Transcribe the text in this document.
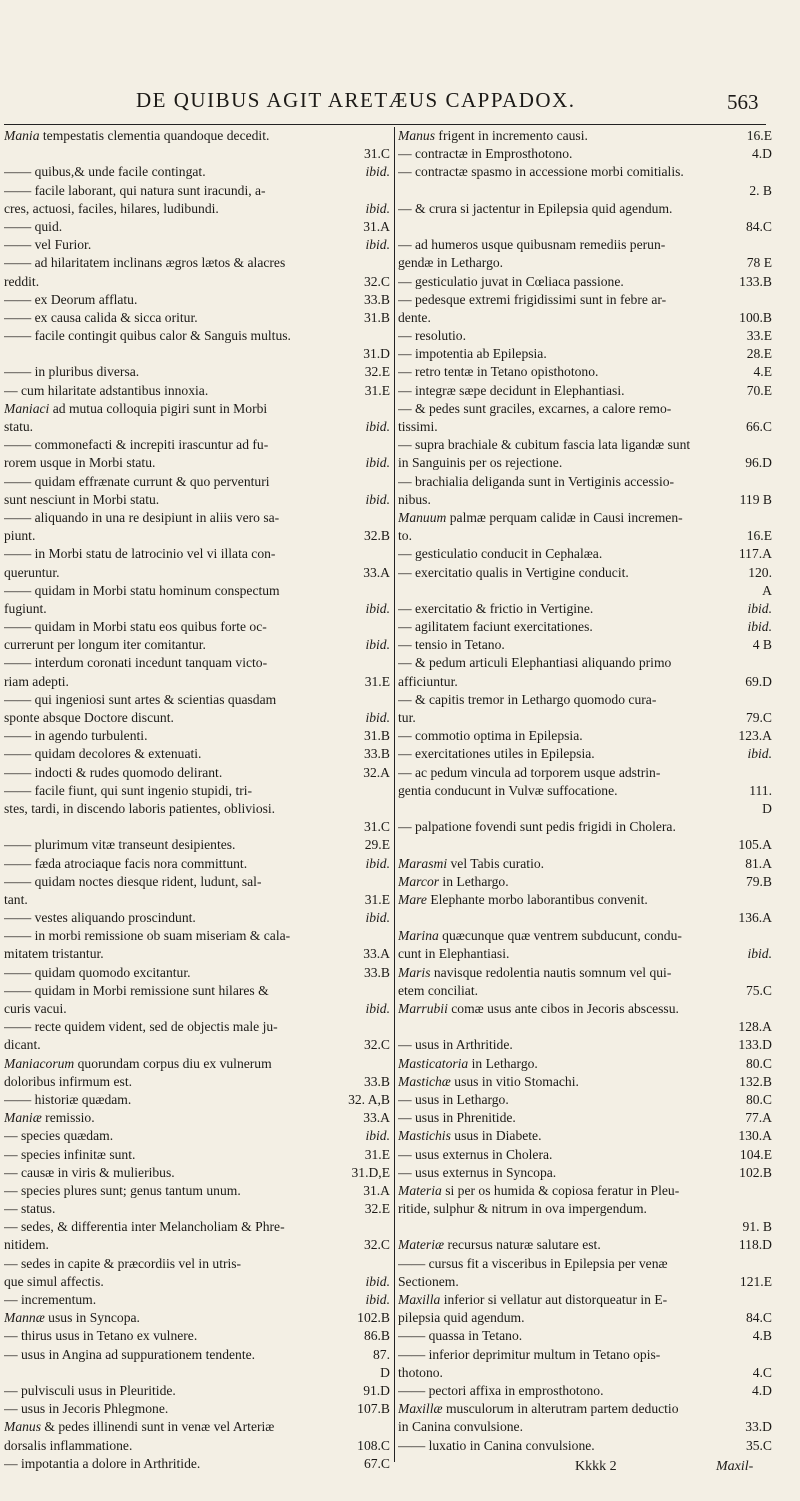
DE QUIBUS AGIT ARETÆUS CAPPADOX.	563
Mania tempestatis clementia quandoque decedit.
31.C
—— quibus,& unde facile contingat.	ibid.
—— facile laborant, qui natura sunt iracundi, a-
cres, actuosi, faciles, hilares, ludibundi.	ibid.
—— quid.	31.A
—— vel Furior.	ibid.
—— ad hilaritatem inclinans ægros lætos & alacres
reddit.	32.C
—— ex Deorum afflatu.	33.B
—— ex causa calida & sicca oritur.	31.B
—— facile contingit quibus calor & Sanguis multus.
31.D
—— in pluribus diversa.	32.E
— cum hilaritate adstantibus innoxia.	31.E
Maniaci ad mutua colloquia pigiri sunt in Morbi
statu.	ibid.
—— commonefacti & increpiti irascuntur ad fu-
rorem usque in Morbi statu.	ibid.
—— quidam effrænate currunt & quo perventuri
sunt nesciunt in Morbi statu.	ibid.
—— aliquando in una re desipiunt in aliis vero sa-
piunt.	32.B
—— in Morbi statu de latrocinio vel vi illata con-
queruntur.	33.A
—— quidam in Morbi statu hominum conspectum
fugiunt.	ibid.
—— quidam in Morbi statu eos quibus forte oc-
currerunt per longum iter comitantur.	ibid.
—— interdum coronati incedunt tanquam victo-
riam adepti.	31.E
—— qui ingeniosi sunt artes & scientias quasdam
sponte absque Doctore discunt.	ibid.
—— in agendo turbulenti.	31.B
—— quidam decolores & extenuati.	33.B
—— indocti & rudes quomodo delirant.	32.A
—— facile fiunt, qui sunt ingenio stupidi, tri-
stes, tardi, in discendo laboris patientes, obliviosi.
31.C
—— plurimum vitæ transeunt desipientes.	29.E
—— fæda atrociaque facis nora committunt.	ibid.
—— quidam noctes diesque rident, ludunt, sal-
tant.	31.E
—— vestes aliquando proscindunt.	ibid.
—— in morbi remissione ob suam miseriam & cala-
mitatem tristantur.	33.A
—— quidam quomodo excitantur.	33.B
—— quidam in Morbi remissione sunt hilares &
curis vacui.	ibid.
—— recte quidem vident, sed de objectis male ju-
dicant.	32.C
Maniacorum quorundam corpus diu ex vulnerum
doloribus infirmum est.	33.B
—— historiæ quædam.	32. A,B
Maniæ remissio.	33.A
— species quædam.	ibid.
— species infinitæ sunt.	31.E
— causæ in viris & mulieribus.	31.D,E
— species plures sunt; genus tantum unum.	31.A
— status.	32.E
— sedes, & differentia inter Melancholiam & Phre-
nitidem.	32.C
— sedes in capite & præcordiis vel in utris-
que simul affectis.	ibid.
— incrementum.	ibid.
Mannæ usus in Syncopa.	102.B
— thirus usus in Tetano ex vulnere.	86.B
— usus in Angina ad suppurationem tendente.	87.
D
— pulvisculi usus in Pleuritide.	91.D
— usus in Jecoris Phlegmone.	107.B
Manus & pedes illinendi sunt in venæ vel Arteriæ
dorsalis inflammatione.	108.C
— impotantia a dolore in Arthritide.	67.C
Manus frigent in incremento causi.	16.E
— contractæ in Emprosthotono.	4.D
— contractæ spasmo in accessione morbi comitialis.
2. B
— & crura si jactentur in Epilepsia quid agendum.
84.C
— ad humeros usque quibusnam remediis perun-
gendæ in Lethargo.	78 E
— gesticulatio juvat in Cœliaca passione.	133.B
— pedesque extremi frigidissimi sunt in febre ar-
dente.	100.B
— resolutio.	33.E
— impotentia ab Epilepsia.	28.E
— retro tentæ in Tetano opisthotono.	4.E
— integræ sæpe decidunt in Elephantiasi.	70.E
— & pedes sunt graciles, excarnes, a calore remo-
tissimi.	66.C
— supra brachiale & cubitum fascia lata ligandæ sunt
in Sanguinis per os rejectione.	96.D
— brachialia deliganda sunt in Vertiginis accessio-
nibus.	119 B
Manuum palmæ perquam calidæ in Causi incremen-
to.	16.E
— gesticulatio conducit in Cephalæa.	117.A
— exercitatio qualis in Vertigine conducit.	120.
A
— exercitatio & frictio in Vertigine.	ibid.
— agilitatem faciunt exercitationes.	ibid.
— tensio in Tetano.	4 B
— & pedum articuli Elephantiasi aliquando primo
afficiuntur.	69.D
— & capitis tremor in Lethargo quomodo cura-
tur.	79.C
— commotio optima in Epilepsia.	123.A
— exercitationes utiles in Epilepsia.	ibid.
— ac pedum vincula ad torporem usque adstrin-
gentia conducunt in Vulvæ suffocatione.	111.
D
— palpatione fovendi sunt pedis frigidi in Cholera.
105.A
Marasmi vel Tabis curatio.	81.A
Marcor in Lethargo.	79.B
Mare Elephante morbo laborantibus convenit.
136.A
Marina quæcunque quæ ventrem subducunt, condu-
cunt in Elephantiasi.	ibid.
Maris navisque redolentia nautis somnum vel qui-
etem conciliat.	75.C
Marrubii comæ usus ante cibos in Jecoris abscessu.
128.A
— usus in Arthritide.	133.D
Masticatoria in Lethargo.	80.C
Mastichæ usus in vitio Stomachi.	132.B
— usus in Lethargo.	80.C
— usus in Phrenitide.	77.A
Mastichis usus in Diabete.	130.A
— usus externus in Cholera.	104.E
— usus externus in Syncopa.	102.B
Materia si per os humida & copiosa feratur in Pleu-
ritide, sulphur & nitrum in ova impergendum.
91. B
Materiæ recursus naturæ salutare est.	118.D
—— cursus fit a visceribus in Epilepsia per venæ
Sectionem.	121.E
Maxilla inferior si vellatur aut distorqueatur in E-
pilepsia quid agendum.	84.C
—— quassa in Tetano.	4.B
—— inferior deprimitur multum in Tetano opis-
thotono.	4.C
—— pectori affixa in emprosthotono.	4.D
Maxillæ musculorum in alterutram partem deductio
in Canina convulsione.	33.D
—— luxatio in Canina convulsione.	35.C
Kkkk 2	Maxil-
